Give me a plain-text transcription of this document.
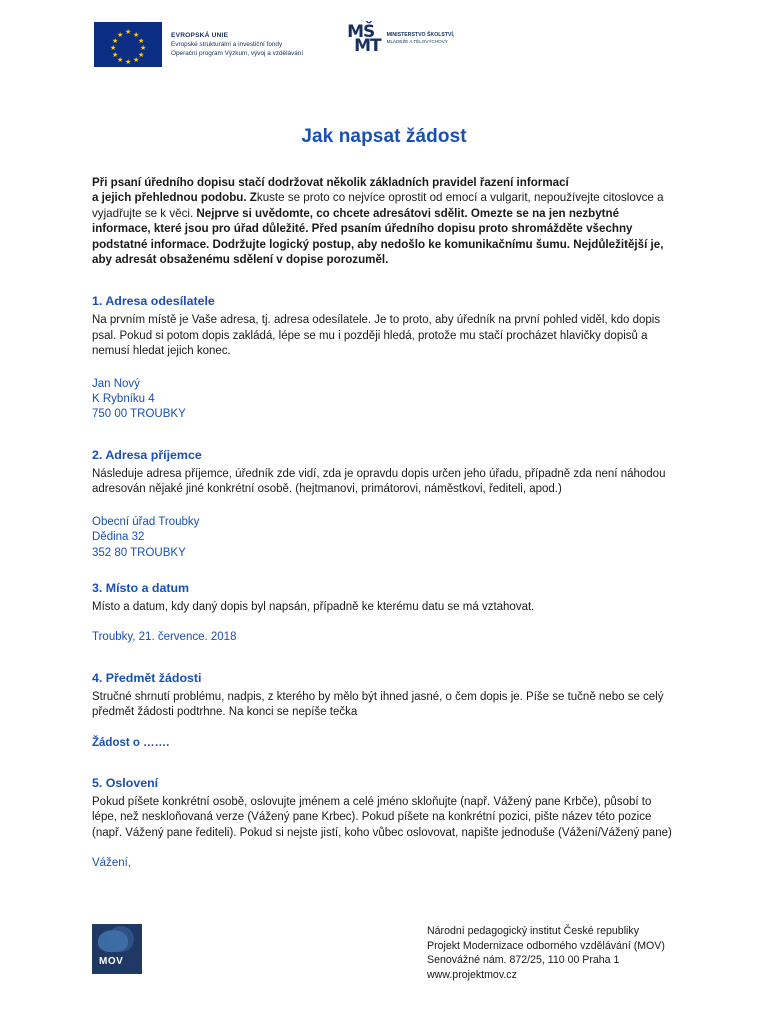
★ ★
★
★
★
★
★
★
★
★
★
★	EVROPSKÁ UNIE
Evropské strukturální a investiční fondy
Operační program Výzkum, vývoj a vzdělávání
MŠ
MT
MINISTERSTVO ŠKOLSTVÍ,
MLÁDEŽE A TĚLOVÝCHOVY
Jak napsat žádost
Při psaní úředního dopisu stačí dodržovat několik základních pravidel řazení informací
a jejich přehlednou podobu. Zkuste se proto co nejvíce oprostit od emocí a vulgarit, nepoužívejte citoslovce a vyjadřujte se k věci. Nejprve si uvědomte, co chcete adresátovi sdělit. Omezte se na jen nezbytné informace, které jsou pro úřad důležité. Před psaním úředního dopisu proto shromážděte všechny podstatné informace. Dodržujte logický postup, aby nedošlo ke komunikačnímu šumu. Nejdůležitější je, aby adresát obsaženému sdělení v dopise porozuměl.
1. Adresa odesílatele

Na prvním místě je Vaše adresa, tj. adresa odesílatele. Je to proto, aby úředník na první pohled viděl, kdo dopis psal. Pokud si potom dopis zakládá, lépe se mu i později hledá, protože mu stačí procházet hlavičky dopisů a nemusí hledat jejich konec.

Jan Nový
K Rybníku 4
750 00 TROUBKY
2. Adresa příjemce

Následuje adresa příjemce, úředník zde vidí, zda je opravdu dopis určen jeho úřadu, případně zda není náhodou adresován nějaké jiné konkrétní osobě. (hejtmanovi, primátorovi, náměstkovi, řediteli, apod.)

Obecní úřad Troubky
Dědina 32
352 80 TROUBKY
3. Místo a datum

Místo a datum, kdy daný dopis byl napsán, případně ke kterému datu se má vztahovat.

Troubky, 21. července. 2018
4. Předmět žádosti

Stručné shrnutí problému, nadpis, z kterého by mělo být ihned jasné, o čem dopis je. Píše se tučně nebo se celý předmět žádosti podtrhne. Na konci se nepíše tečka

Žádost o …….
5. Oslovení

Pokud píšete konkrétní osobě, oslovujte jménem a celé jméno skloňujte (např. Vážený pane Krbče), působí to lépe, než neskloňovaná verze (Vážený pane Krbec). Pokud píšete na konkrétní pozici, pište název této pozice (např. Vážený pane řediteli). Pokud si nejste jistí, koho vůbec oslovovat, napište jednoduše (Vážení/Vážený pane)

Vážení,
MOV
Národní pedagogický institut České republiky
Projekt Modernizace odborného vzdělávání (MOV)
Senovážné nám. 872/25, 110 00 Praha 1
www.projektmov.cz
